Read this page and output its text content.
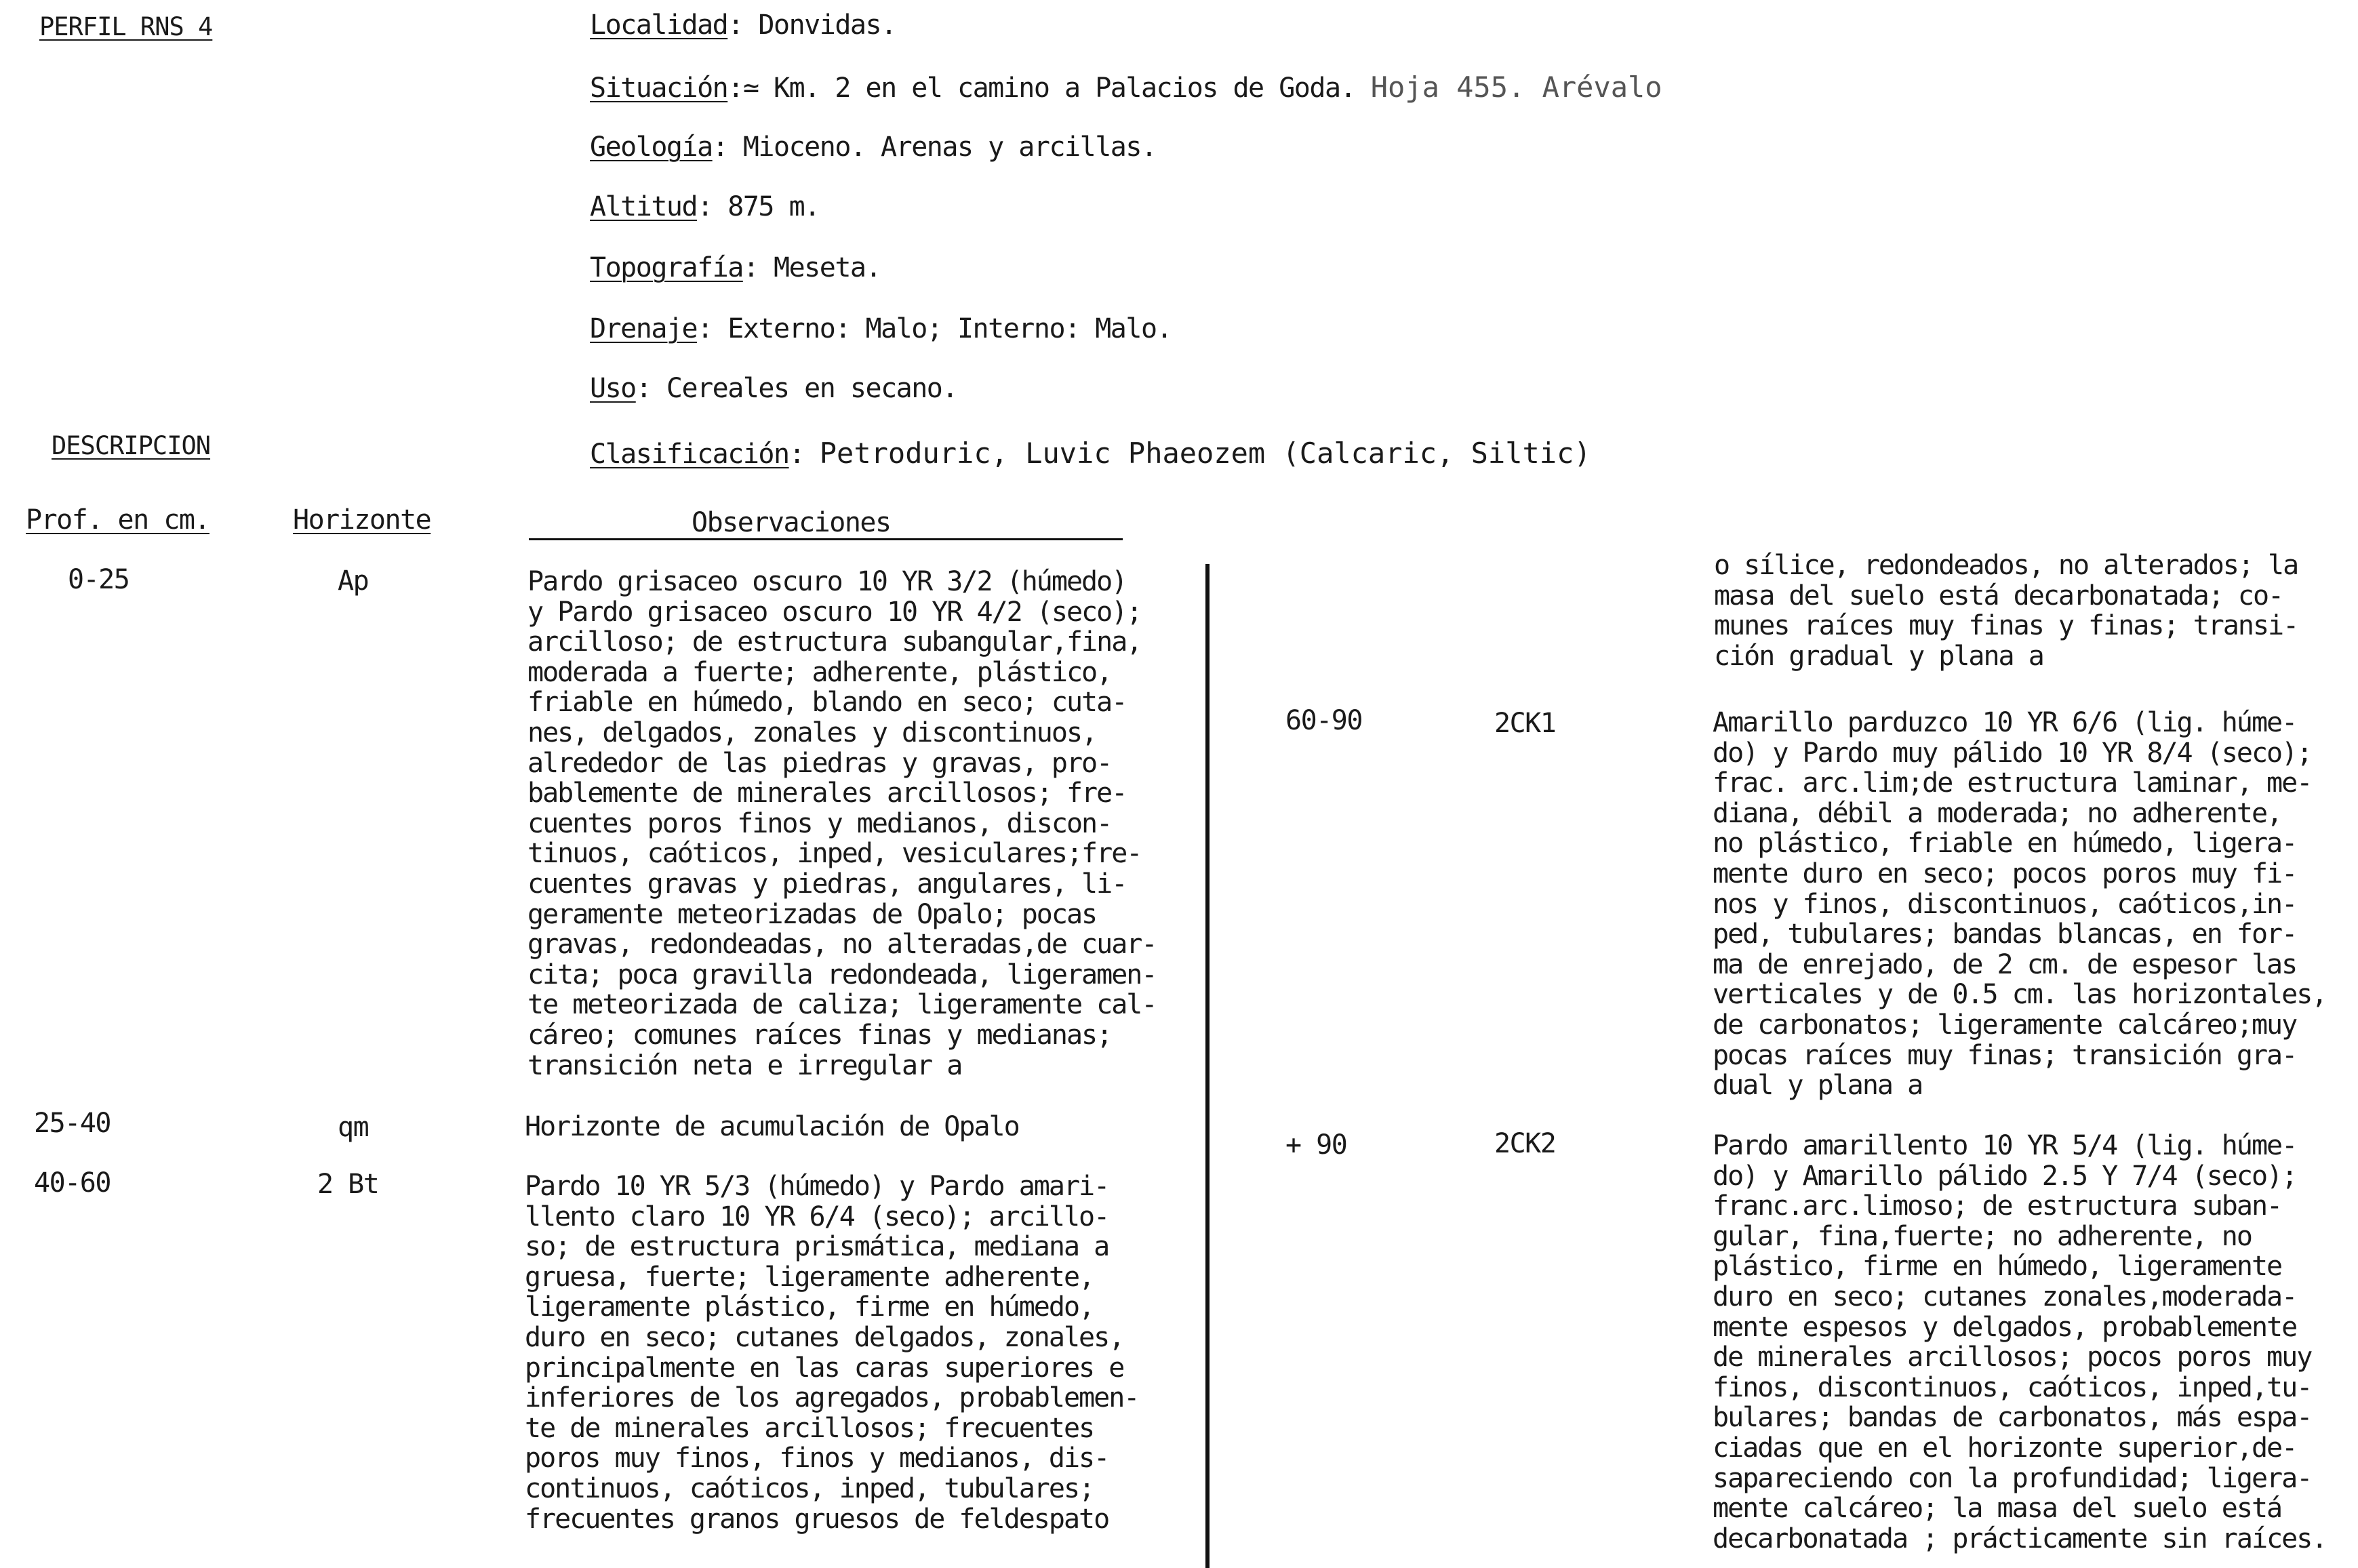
PERFIL RNS 4
DESCRIPCION
Localidad: Donvidas.
Situación:≃ Km. 2 en el camino a Palacios de Goda. Hoja 455. Arévalo
Geología: Mioceno. Arenas y arcillas.
Altitud: 875 m.
Topografía: Meseta.
Drenaje: Externo: Malo; Interno: Malo.
Uso: Cereales en secano.
Clasificación: Petroduric, Luvic Phaeozem (Calcaric, Siltic)
Prof. en cm.	Horizonte	Observaciones
0-25	Ap	Pardo grisaceo oscuro 10 YR 3/2 (húmedo)
y Pardo grisaceo oscuro 10 YR 4/2 (seco);
arcilloso; de estructura subangular,fina,
moderada a fuerte; adherente, plástico,
friable en húmedo, blando en seco; cuta-
nes, delgados, zonales y discontinuos,
alrededor de las piedras y gravas, pro-
bablemente de minerales arcillosos; fre-
cuentes poros finos y medianos, discon-
tinuos, caóticos, inped, vesiculares;fre-
cuentes gravas y piedras, angulares, li-
geramente meteorizadas de Opalo; pocas
gravas, redondeadas, no alteradas,de cuar-
cita; poca gravilla redondeada, ligeramen-
te meteorizada de caliza; ligeramente cal-
cáreo; comunes raíces finas y medianas;
transición neta e irregular a
25-40	qm	Horizonte de acumulación de Opalo
40-60	2 Bt	Pardo 10 YR 5/3 (húmedo) y Pardo amari-
llento claro 10 YR 6/4 (seco); arcillo-
so; de estructura prismática, mediana a
gruesa, fuerte; ligeramente adherente,
ligeramente plástico, firme en húmedo,
duro en seco; cutanes delgados, zonales,
principalmente en las caras superiores e
inferiores de los agregados, probablemen-
te de minerales arcillosos; frecuentes
poros muy finos, finos y medianos, dis-
continuos, caóticos, inped, tubulares;
frecuentes granos gruesos de feldespato
o sílice, redondeados, no alterados; la
masa del suelo está decarbonatada; co-
munes raíces muy finas y finas; transi-
ción gradual y plana a
60-90	2CK1	Amarillo parduzco 10 YR 6/6 (lig. húme-
do) y Pardo muy pálido 10 YR 8/4 (seco);
frac. arc.lim;de estructura laminar, me-
diana, débil a moderada; no adherente,
no plástico, friable en húmedo, ligera-
mente duro en seco; pocos poros muy fi-
nos y finos, discontinuos, caóticos,in-
ped, tubulares; bandas blancas, en for-
ma de enrejado, de 2 cm. de espesor las
verticales y de 0.5 cm. las horizontales,
de carbonatos; ligeramente calcáreo;muy
pocas raíces muy finas; transición gra-
dual y plana a
+ 90	2CK2	Pardo amarillento 10 YR 5/4 (lig. húme-
do) y Amarillo pálido 2.5 Y 7/4 (seco);
franc.arc.limoso; de estructura suban-
gular, fina,fuerte; no adherente, no
plástico, firme en húmedo, ligeramente
duro en seco; cutanes zonales,moderada-
mente espesos y delgados, probablemente
de minerales arcillosos; pocos poros muy
finos, discontinuos, caóticos, inped,tu-
bulares; bandas de carbonatos, más espa-
ciadas que en el horizonte superior,de-
sapareciendo con la profundidad; ligera-
mente calcáreo; la masa del suelo está
decarbonatada ; prácticamente sin raíces.
